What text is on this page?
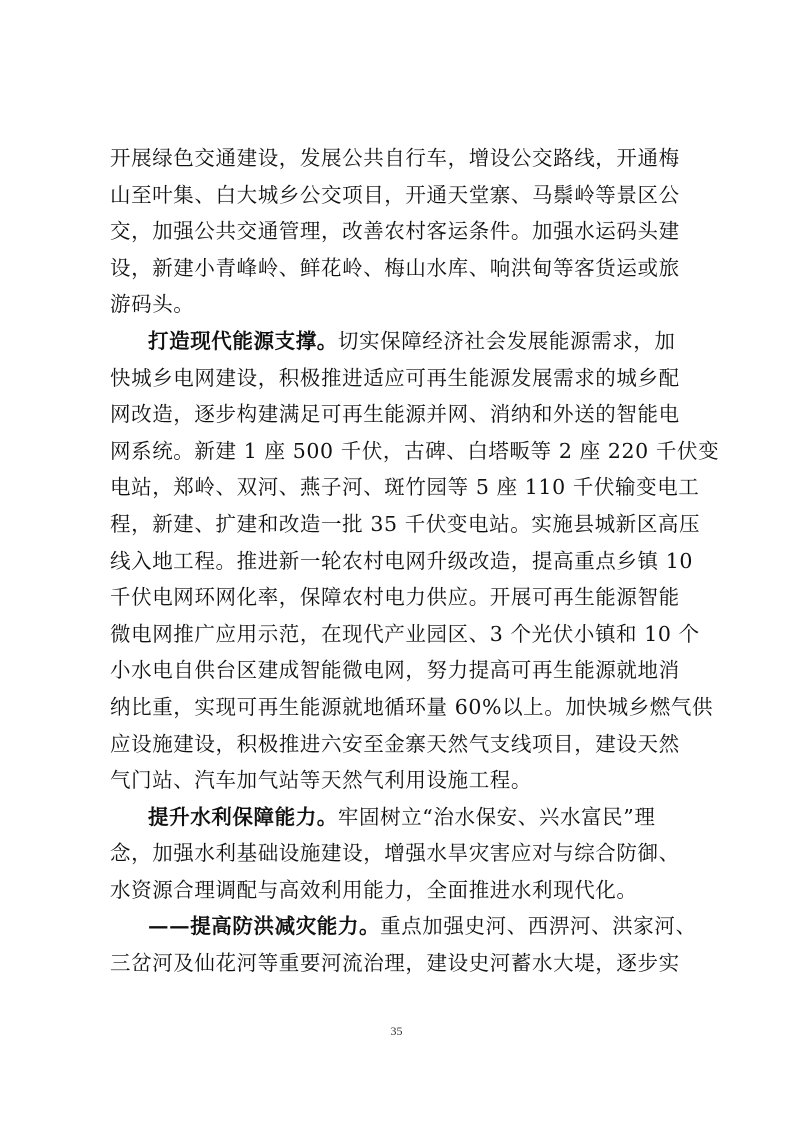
开展绿色交通建设，发展公共自行车，增设公交路线，开通梅
山至叶集、白大城乡公交项目，开通天堂寨、马鬃岭等景区公
交，加强公共交通管理，改善农村客运条件。加强水运码头建
设，新建小青峰岭、鲜花岭、梅山水库、响洪甸等客货运或旅
游码头。
打造现代能源支撑。切实保障经济社会发展能源需求，加
快城乡电网建设，积极推进适应可再生能源发展需求的城乡配
网改造，逐步构建满足可再生能源并网、消纳和外送的智能电
网系统。新建 1 座 500 千伏，古碑、白塔畈等 2 座 220 千伏变
电站，郑岭、双河、燕子河、斑竹园等 5 座 110 千伏输变电工
程，新建、扩建和改造一批 35 千伏变电站。实施县城新区高压
线入地工程。推进新一轮农村电网升级改造，提高重点乡镇 10
千伏电网环网化率，保障农村电力供应。开展可再生能源智能
微电网推广应用示范，在现代产业园区、3 个光伏小镇和 10 个
小水电自供台区建成智能微电网，努力提高可再生能源就地消
纳比重，实现可再生能源就地循环量 60%以上。加快城乡燃气供
应设施建设，积极推进六安至金寨天然气支线项目，建设天然
气门站、汽车加气站等天然气利用设施工程。
提升水利保障能力。牢固树立“治水保安、兴水富民”理
念，加强水利基础设施建设，增强水旱灾害应对与综合防御、
水资源合理调配与高效利用能力，全面推进水利现代化。
——提高防洪减灾能力。重点加强史河、西淠河、洪家河、
三岔河及仙花河等重要河流治理，建设史河蓄水大堤，逐步实
35
